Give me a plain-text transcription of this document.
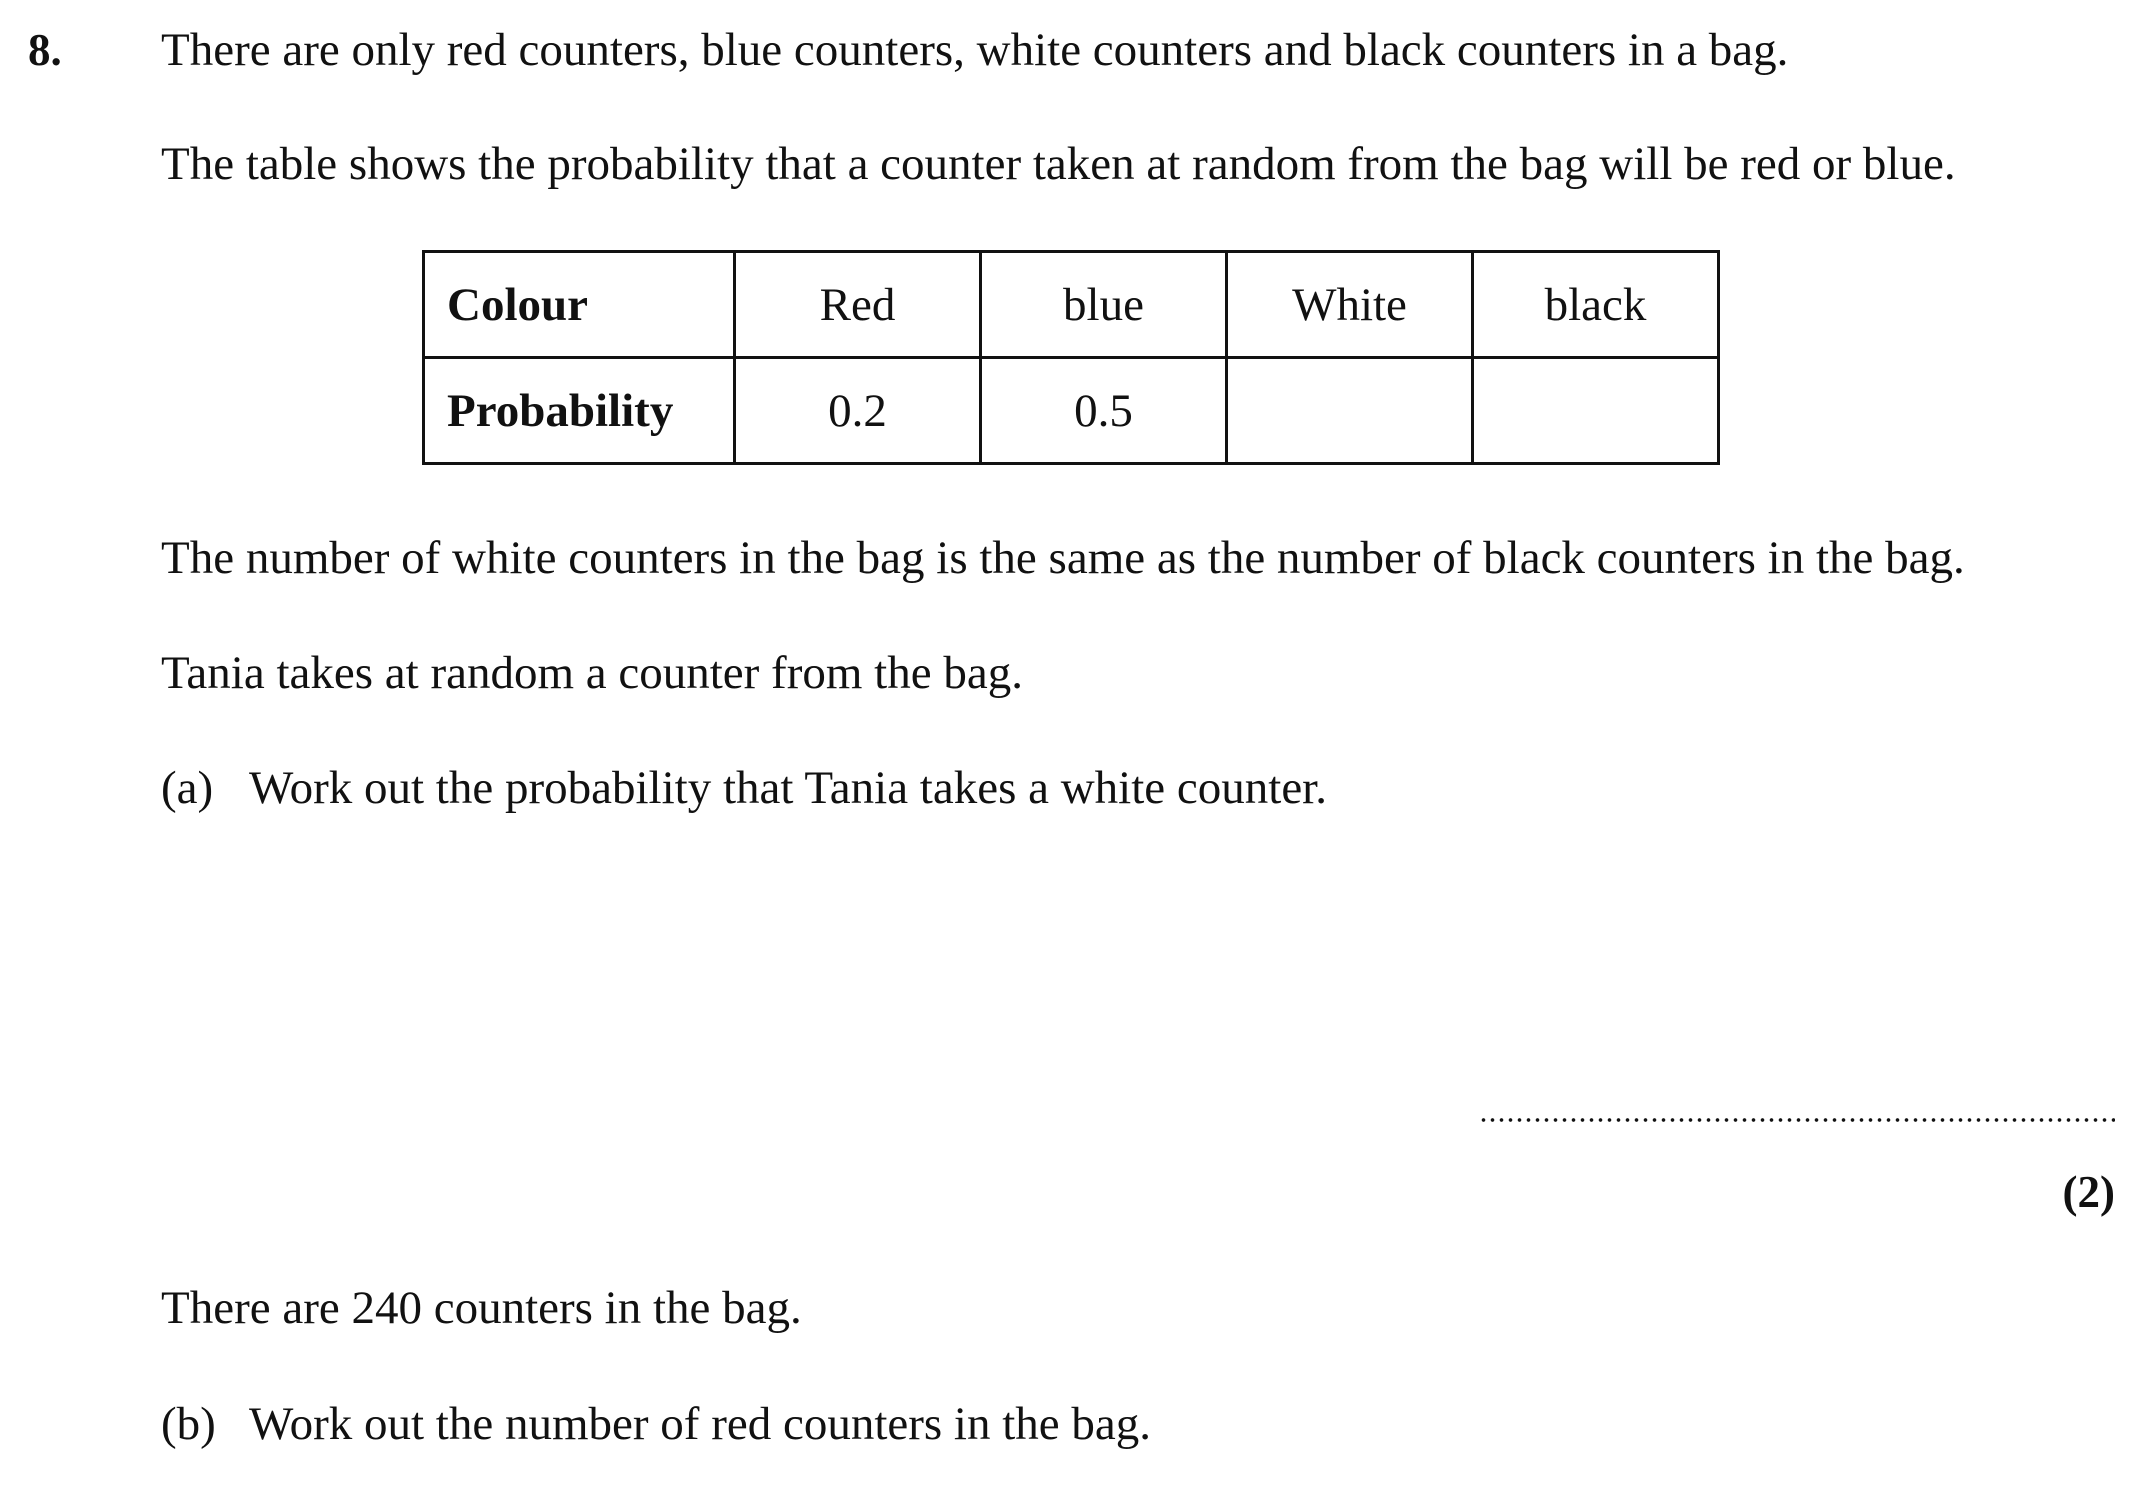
8. There are only red counters, blue counters, white counters and black counters in a bag.
The table shows the probability that a counter taken at random from the bag will be red or blue.
Colour	Red	blue	White	black
Probability	0.2	0.5		
The number of white counters in the bag is the same as the number of black counters in the bag.
Tania takes at random a counter from the bag.
(a) Work out the probability that Tania takes a white counter.
(2)
There are 240 counters in the bag.
(b) Work out the number of red counters in the bag.
